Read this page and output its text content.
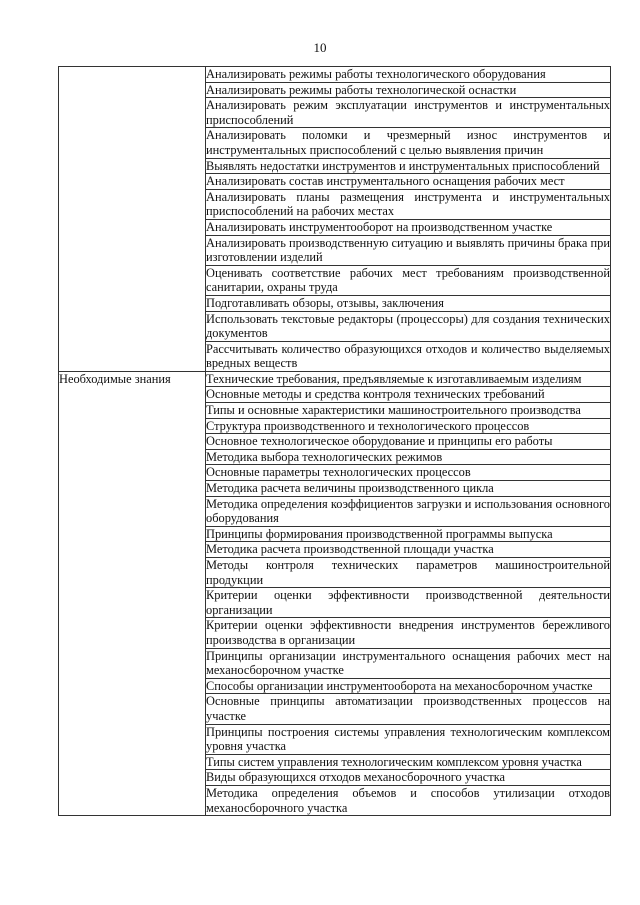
10
	Анализировать режимы работы технологического оборудования
	Анализировать режимы работы технологической оснастки
	Анализировать режим эксплуатации инструментов и инструментальных приспособлений
	Анализировать поломки и чрезмерный износ инструментов и инструментальных приспособлений с целью выявления причин
	Выявлять недостатки инструментов и инструментальных приспособлений
	Анализировать состав инструментального оснащения рабочих мест
	Анализировать планы размещения инструмента и инструментальных приспособлений на рабочих местах
	Анализировать инструментооборот на производственном участке
	Анализировать производственную ситуацию и выявлять причины брака при изготовлении изделий
	Оценивать соответствие рабочих мест требованиям производственной санитарии, охраны труда
	Подготавливать обзоры, отзывы, заключения
	Использовать текстовые редакторы (процессоры) для создания технических документов
	Рассчитывать количество образующихся отходов и количество выделяемых вредных веществ
Необходимые знания	Технические требования, предъявляемые к изготавливаемым изделиям
	Основные методы и средства контроля технических требований
	Типы и основные характеристики машиностроительного производства
	Структура производственного и технологического процессов
	Основное технологическое оборудование и принципы его работы
	Методика выбора технологических режимов
	Основные параметры технологических процессов
	Методика расчета величины производственного цикла
	Методика определения коэффициентов загрузки и использования основного оборудования
	Принципы формирования производственной программы выпуска
	Методика расчета производственной площади участка
	Методы контроля технических параметров машиностроительной продукции
	Критерии оценки эффективности производственной деятельности организации
	Критерии оценки эффективности внедрения инструментов бережливого производства в организации
	Принципы организации инструментального оснащения рабочих мест на механосборочном участке
	Способы организации инструментооборота на механосборочном участке
	Основные принципы автоматизации производственных процессов на участке
	Принципы построения системы управления технологическим комплексом уровня участка
	Типы систем управления технологическим комплексом уровня участка
	Виды образующихся отходов механосборочного участка
	Методика определения объемов и способов утилизации отходов механосборочного участка
